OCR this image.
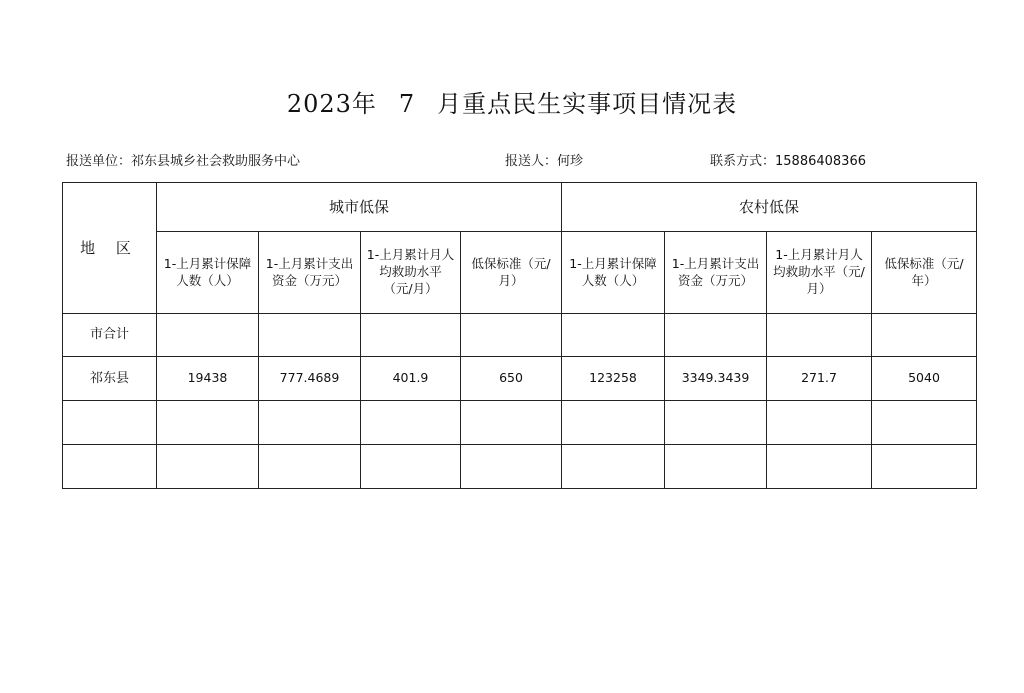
2023年 7 月重点民生实事项目情况表
报送单位：祁东县城乡社会救助服务中心	报送人：何珍	联系方式：15886408366
地 区	城市低保				农村低保			
	1-上月累计保障人数（人）	1-上月累计支出资金（万元）	1-上月累计月人均救助水平（元/月）	低保标准（元/月）	1-上月累计保障人数（人）	1-上月累计支出资金（万元）	1-上月累计月人均救助水平（元/月）	低保标准（元/年）
市合计								
祁东县	19438	777.4689	401.9	650	123258	3349.3439	271.7	5040
